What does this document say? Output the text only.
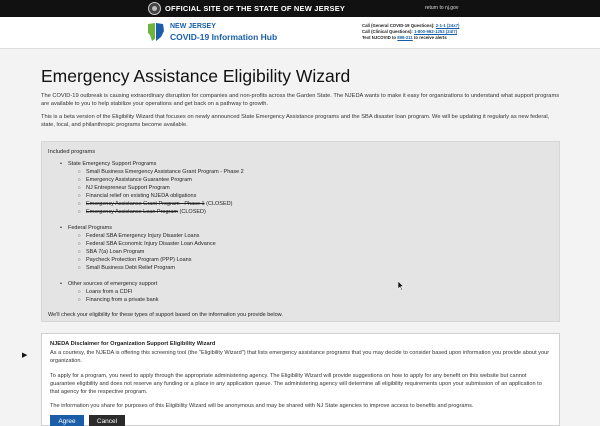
OFFICIAL SITE OF THE STATE OF NEW JERSEY	return to nj.gov
NEW JERSEY
COVID-19 Information Hub
Call (General COVID-19 Questions): 2-1-1 (24x7)
Call (Clinical Questions): 1-800-962-1253 (24/7)
Text NJCOVID to 898-211 to receive alerts
Emergency Assistance Eligibility Wizard

The COVID-19 outbreak is causing extraordinary disruption for companies and non-profits across the Garden State. The NJEDA wants to make it easy for organizations to understand what support programs are available to you to help stabilize your operations and get back on a pathway to growth.

This is a beta version of the Eligibility Wizard that focuses on newly announced State Emergency Assistance programs and the SBA disaster loan program. We will be updating it regularly as new federal, state, local, and philanthropic programs become available.

Included programs
• State Emergency Support Programs
○ Small Business Emergency Assistance Grant Program - Phase 2
○ Emergency Assistance Guarantee Program
○ NJ Entrepreneur Support Program
○ Financial relief on existing NJEDA obligations
○ Emergency Assistance Grant Program - Phase 1 (CLOSED)
○ Emergency Assistance Loan Program (CLOSED)
• Federal Programs
○ Federal SBA Emergency Injury Disaster Loans
○ Federal SBA Economic Injury Disaster Loan Advance
○ SBA 7(a) Loan Program
○ Paycheck Protection Program (PPP) Loans
○ Small Business Debt Relief Program
• Other sources of emergency support
○ Loans from a CDFI
○ Financing from a private bank
We'll check your eligibility for these types of support based on the information you provide below.
▶
NJEDA Disclaimer for Organization Support Eligibility Wizard

As a courtesy, the NJEDA is offering this screening tool (the "Eligibility Wizard") that lists emergency assistance programs that you may decide to consider based upon information you provide about your organization.

To apply for a program, you need to apply through the appropriate administering agency. The Eligibility Wizard will provide suggestions on how to apply for any benefit on this website but cannot guarantee eligibility and does not reserve any funding or a place in any application queue. The administering agency will determine all eligibility requirements upon your submission of an application to that agency for the respective program.

The information you share for purposes of this Eligibility Wizard will be anonymous and may be shared with NJ State agencies to improve access to benefits and programs.

Agree	Cancel
